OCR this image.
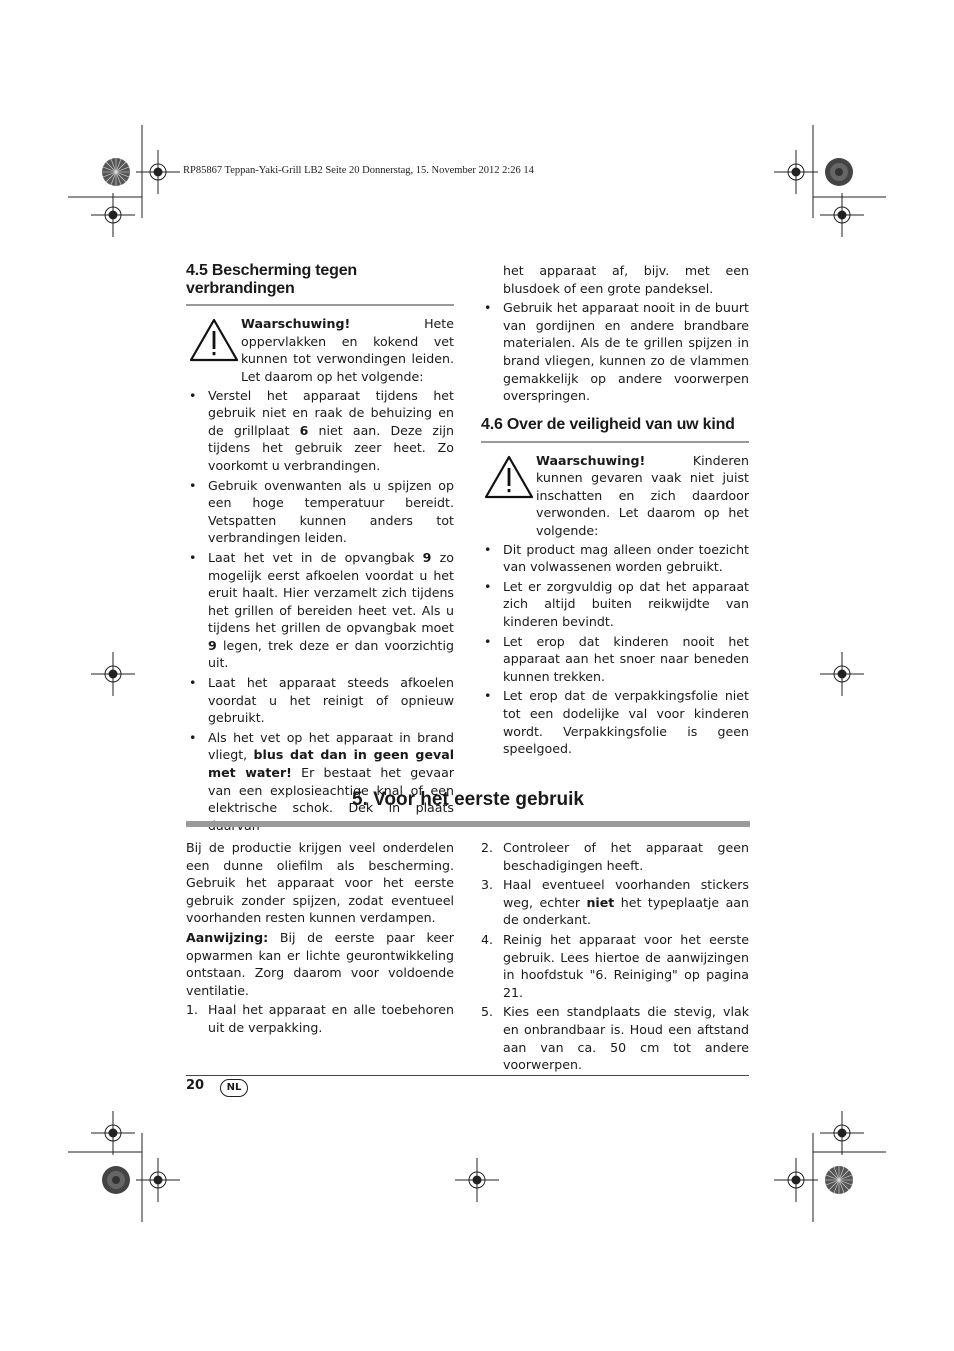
RP85867 Teppan-Yaki-Grill LB2 Seite 20 Donnerstag, 15. November 2012 2:26 14
4.5 Bescherming tegen verbrandingen

Waarschuwing! Hete oppervlakken en kokend vet kunnen tot verwondingen leiden. Let daarom op het volgende:

• Verstel het apparaat tijdens het gebruik niet en raak de behuizing en de grillplaat 6 niet aan. Deze zijn tijdens het gebruik zeer heet. Zo voorkomt u verbrandingen.
• Gebruik ovenwanten als u spijzen op een hoge temperatuur bereidt. Vetspatten kunnen anders tot verbrandingen leiden.
• Laat het vet in de opvangbak 9 zo mogelijk eerst afkoelen voordat u het eruit haalt. Hier verzamelt zich tijdens het grillen of bereiden heet vet. Als u tijdens het grillen de opvangbak moet 9 legen, trek deze er dan voorzichtig uit.
• Laat het apparaat steeds afkoelen voordat u het reinigt of opnieuw gebruikt.
• Als het vet op het apparaat in brand vliegt, blus dat dan in geen geval met water! Er bestaat het gevaar van een explosieachtige knal of een elektrische schok. Dek in plaats

het apparaat af, bijv. met een blusdoek of een grote pandeksel.

• Gebruik het apparaat nooit in de buurt van gordijnen en andere brandbare materialen. Als de te grillen spijzen in brand vliegen, kunnen zo de vlammen gemakkelijk op andere voorwerpen overspringen.
4.6 Over de veiligheid van uw kind

Waarschuwing! Kinderen kunnen gevaren vaak niet juist inschatten en zich daardoor verwonden. Let daarom op het volgende:

• Dit product mag alleen onder toezicht van volwassenen worden gebruikt.
• Let er zorgvuldig op dat het apparaat zich altijd buiten reikwijdte van kinderen bevindt.
• Let erop dat kinderen nooit het apparaat aan het snoer naar beneden kunnen trekken.
• Let erop dat de verpakkingsfolie niet tot een dodelijke val voor kinderen wordt. Verpakkingsfolie is geen speelgoed.
5. Voor het eerste gebruik

Bij de productie krijgen veel onderdelen een dunne oliefilm als bescherming. Gebruik het apparaat voor het eerste gebruik zonder spijzen, zodat eventueel voorhanden resten kunnen verdampen.

Aanwijzing: Bij de eerste paar keer opwarmen kan er lichte geurontwikkeling ontstaan. Zorg daarom voor voldoende ventilatie.

1. Haal het apparaat en alle toebehoren uit de verpakking.
2. Controleer of het apparaat geen beschadigingen heeft.
3. Haal eventueel voorhanden stickers weg, echter niet het typeplaatje aan de onderkant.
4. Reinig het apparaat voor het eerste gebruik. Lees hiertoe de aanwijzingen in hoofdstuk "6. Reiniging" op pagina 21.
5. Kies een standplaats die stevig, vlak en onbrandbaar is. Houd een aftstand aan van ca. 50 cm tot andere voorwerpen.
20	NL
